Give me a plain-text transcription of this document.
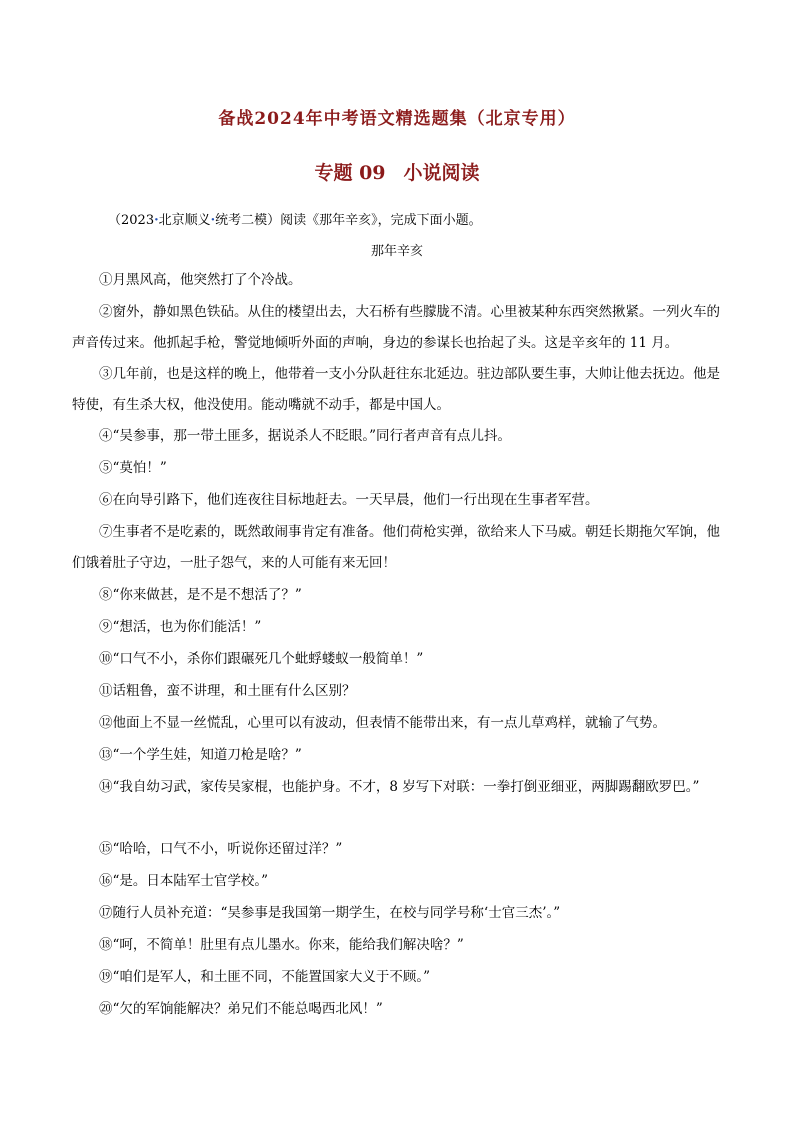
备战2024年中考语文精选题集（北京专用）
专题 09 小说阅读
（2023·北京顺义·统考二模）阅读《那年辛亥》，完成下面小题。
那年辛亥
①月黑风高，他突然打了个冷战。
②窗外，静如黑色铁砧。从住的楼望出去，大石桥有些朦胧不清。心里被某种东西突然揪紧。一列火车的声音传过来。他抓起手枪，警觉地倾听外面的声响，身边的参谋长也抬起了头。这是辛亥年的 11 月。
③几年前，也是这样的晚上，他带着一支小分队赶往东北延边。驻边部队要生事，大帅让他去抚边。他是特使，有生杀大权，他没使用。能动嘴就不动手，都是中国人。
④“吴参事，那一带土匪多，据说杀人不眨眼。”同行者声音有点儿抖。
⑤“莫怕！”
⑥在向导引路下，他们连夜往目标地赶去。一天早晨，他们一行出现在生事者军营。
⑦生事者不是吃素的，既然敢闹事肯定有准备。他们荷枪实弹，欲给来人下马威。朝廷长期拖欠军饷，他们饿着肚子守边，一肚子怨气，来的人可能有来无回！
⑧“你来做甚，是不是不想活了？”
⑨“想活，也为你们能活！”
⑩“口气不小，杀你们跟碾死几个蚍蜉蝼蚁一般简单！”
⑪话粗鲁，蛮不讲理，和土匪有什么区别？
⑫他面上不显一丝慌乱，心里可以有波动，但表情不能带出来，有一点儿草鸡样，就输了气势。
⑬“一个学生娃，知道刀枪是啥？”
⑭“我自幼习武，家传吴家棍，也能护身。不才，8 岁写下对联：一拳打倒亚细亚，两脚踢翻欧罗巴。”
⑮“哈哈，口气不小，听说你还留过洋？”
⑯“是。日本陆军士官学校。”
⑰随行人员补充道：“吴参事是我国第一期学生，在校与同学号称‘士官三杰’。”
⑱“呵，不简单！肚里有点儿墨水。你来，能给我们解决啥？”
⑲“咱们是军人，和土匪不同，不能置国家大义于不顾。”
⑳“欠的军饷能解决？弟兄们不能总喝西北风！”
